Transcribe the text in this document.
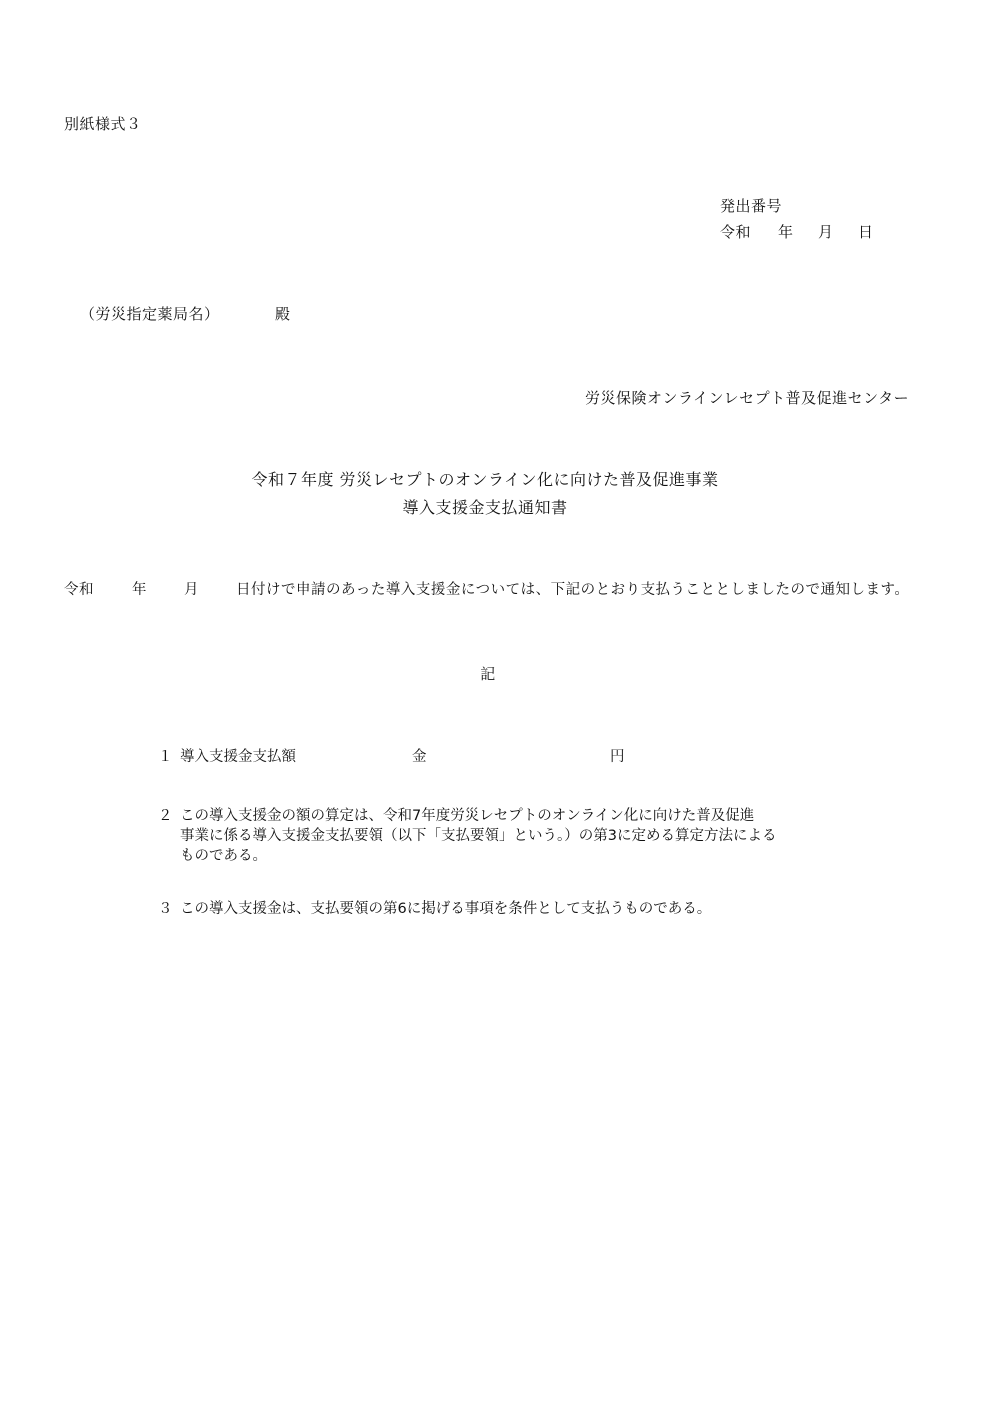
別紙様式３
発出番号
令和 年 月 日
（労災指定薬局名）	殿
労災保険オンラインレセプト普及促進センター
令和７年度 労災レセプトのオンライン化に向けた普及促進事業
導入支援金支払通知書
令和	年	月	日付けで申請のあった導入支援金については、下記のとおり支払うこととしましたので通知します。
記
１ 導入支援金支払額	金	円
２ この導入支援金の額の算定は、令和7年度労災レセプトのオンライン化に向けた普及促進
事業に係る導入支援金支払要領（以下「支払要領」という。）の第3に定める算定方法による
ものである。
３ この導入支援金は、支払要領の第6に掲げる事項を条件として支払うものである。
